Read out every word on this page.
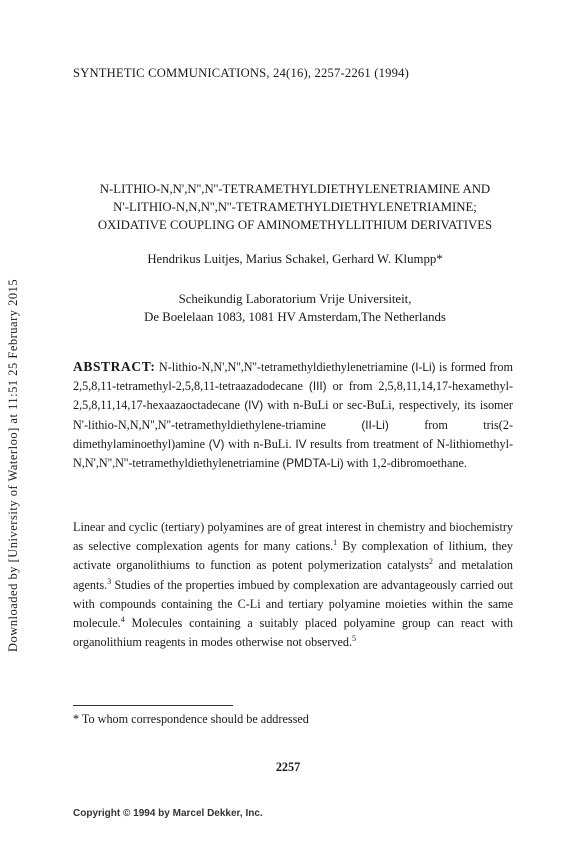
SYNTHETIC COMMUNICATIONS, 24(16), 2257-2261 (1994)
Downloaded by [University of Waterloo] at 11:51 25 February 2015
N-LITHIO-N,N',N'',N''-TETRAMETHYLDIETHYLENETRIAMINE AND
N'-LITHIO-N,N,N'',N''-TETRAMETHYLDIETHYLENETRIAMINE;
OXIDATIVE COUPLING OF AMINOMETHYLLITHIUM DERIVATIVES
Hendrikus Luitjes, Marius Schakel, Gerhard W. Klumpp*
Scheikundig Laboratorium Vrije Universiteit,
De Boelelaan 1083, 1081 HV Amsterdam,The Netherlands
ABSTRACT: N-lithio-N,N',N'',N''-tetramethyldiethylenetriamine (I-Li) is formed from 2,5,8,11-tetramethyl-2,5,8,11-tetraazadodecane (III) or from 2,5,8,11,14,17-hexamethyl-2,5,8,11,14,17-hexaazaoctadecane (IV) with n-BuLi or sec-BuLi, respectively, its isomer N'-lithio-N,N,N'',N''-tetramethyldiethylene-triamine	(II-Li)	from tris(2-dimethylaminoethyl)amine (V) with n-BuLi. IV results from treatment of N-lithiomethyl-N,N',N'',N''-tetramethyldiethylenetriamine (PMDTA-Li) with 1,2-dibromoethane.
Linear and cyclic (tertiary) polyamines are of great interest in chemistry and biochemistry as selective complexation agents for many cations.$^1$ By complexation of lithium, they activate organolithiums to function as potent polymerization catalysts$^2$ and metalation agents.$^3$ Studies of the properties imbued by complexation are advantageously carried out with compounds containing the C-Li and tertiary polyamine moieties within the same molecule.$^4$ Molecules containing a suitably placed polyamine group can react with organolithium reagents in modes otherwise not observed.$^5$
* To whom correspondence should be addressed
2257
Copyright © 1994 by Marcel Dekker, Inc.
